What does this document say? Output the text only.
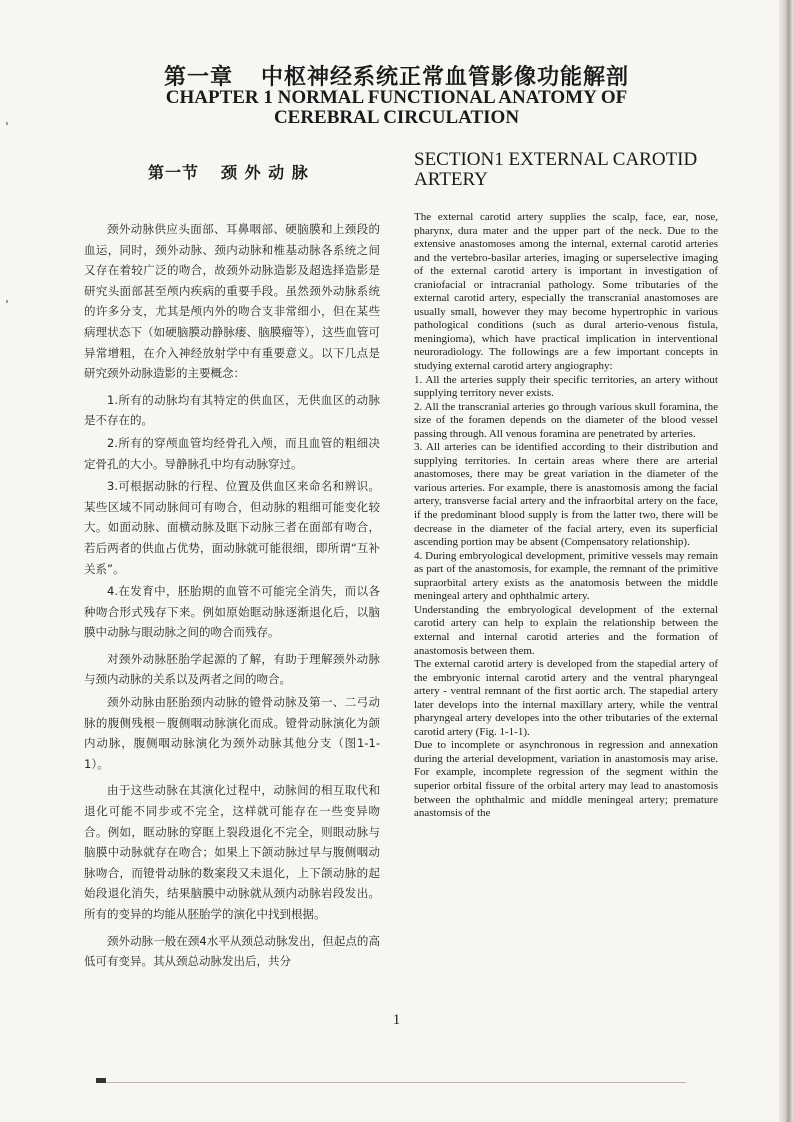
第一章 中枢神经系统正常血管影像功能解剖
CHAPTER 1 NORMAL FUNCTIONAL ANATOMY OF
CEREBRAL CIRCULATION
第一节 颈 外 动 脉

颈外动脉供应头面部、耳鼻咽部、硬脑膜和上颈段的血运，同时，颈外动脉、颈内动脉和椎基动脉各系统之间又存在着较广泛的吻合，故颈外动脉造影及超选择造影是研究头面部甚至颅内疾病的重要手段。虽然颈外动脉系统的许多分支，尤其是颅内外的吻合支非常细小，但在某些病理状态下（如硬脑膜动静脉瘘、脑膜瘤等），这些血管可异常增粗，在介入神经放射学中有重要意义。以下几点是研究颈外动脉造影的主要概念：

1.所有的动脉均有其特定的供血区，无供血区的动脉是不存在的。

2.所有的穿颅血管均经骨孔入颅，而且血管的粗细决定骨孔的大小。导静脉孔中均有动脉穿过。

3.可根据动脉的行程、位置及供血区来命名和辨识。某些区域不同动脉间可有吻合，但动脉的粗细可能变化较大。如面动脉、面横动脉及眶下动脉三者在面部有吻合，若后两者的供血占优势，面动脉就可能很细，即所谓“互补关系”。

4.在发育中，胚胎期的血管不可能完全消失，而以各种吻合形式残存下来。例如原始眶动脉逐渐退化后，以脑膜中动脉与眼动脉之间的吻合而残存。

对颈外动脉胚胎学起源的了解，有助于理解颈外动脉与颈内动脉的关系以及两者之间的吻合。

颈外动脉由胚胎颈内动脉的镫骨动脉及第一、二弓动脉的腹侧残根－腹侧咽动脉演化而成。镫骨动脉演化为颌内动脉，腹侧咽动脉演化为颈外动脉其他分支（图1-1-1）。

由于这些动脉在其演化过程中，动脉间的相互取代和退化可能不同步或不完全，这样就可能存在一些变异吻合。例如，眶动脉的穿眶上裂段退化不完全，则眼动脉与脑膜中动脉就存在吻合；如果上下颌动脉过早与腹侧咽动脉吻合，而镫骨动脉的数案段又未退化，上下颌动脉的起始段退化消失，结果脑膜中动脉就从颈内动脉岩段发出。所有的变异的均能从胚胎学的演化中找到根据。

颈外动脉一般在颈4水平从颈总动脉发出，但起点的高低可有变异。其从颈总动脉发出后，共分

SECTION1 EXTERNAL CAROTID
ARTERY

The external carotid artery supplies the scalp, face, ear, nose, pharynx, dura mater and the upper part of the neck. Due to the extensive anastomoses among the internal, external carotid arteries and the vertebro-basilar arteries, imaging or superselective imaging of the external carotid artery is important in investigation of craniofacial or intracranial pathology. Some tributaries of the external carotid artery, especially the transcranial anastomoses are usually small, however they may become hypertrophic in various pathological conditions (such as dural arterio-venous fistula, meningioma), which have practical implication in interventional neuroradiology. The followings are a few important concepts in studying external carotid artery angiography:

1. All the arteries supply their specific territories, an artery without supplying territory never exists.

2. All the transcranial arteries go through various skull foramina, the size of the foramen depends on the diameter of the blood vessel passing through. All venous foramina are penetrated by arteries.

3. All arteries can be identified according to their distribution and supplying territories. In certain areas where there are arterial anastomoses, there may be great variation in the diameter of the various arteries. For example, there is anastomosis among the facial artery, transverse facial artery and the infraorbital artery on the face, if the predominant blood supply is from the latter two, there will be decrease in the diameter of the facial artery, even its superficial ascending portion may be absent (Compensatory relationship).

4. During embryological development, primitive vessels may remain as part of the anastomosis, for example, the remnant of the primitive supraorbital artery exists as the anatomosis between the middle meningeal artery and ophthalmic artery.

Understanding the embryological development of the external carotid artery can help to explain the relationship between the external and internal carotid arteries and the formation of anastomosis between them.

The external carotid artery is developed from the stapedial artery of the embryonic internal carotid artery and the ventral pharyngeal artery - ventral remnant of the first aortic arch. The stapedial artery later develops into the internal maxillary artery, while the ventral pharyngeal artery developes into the other tributaries of the external carotid artery (Fig. 1-1-1).

Due to incomplete or asynchronous in regression and annexation during the arterial development, variation in anastomosis may arise. For example, incomplete regression of the segment within the superior orbital fissure of the orbital artery may lead to anastomosis between the ophthalmic and middle meningeal artery; premature anastomsis of the

1
